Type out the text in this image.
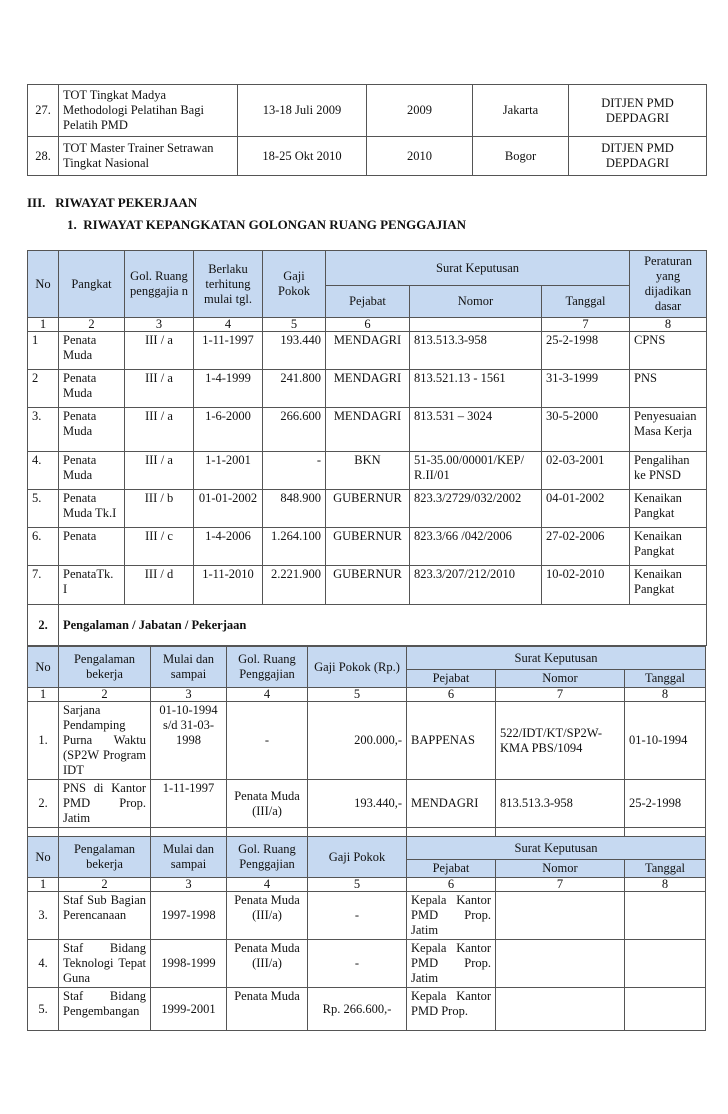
27.	TOT Tingkat Madya Methodologi Pelatihan Bagi Pelatih PMD	13-18 Juli 2009	2009	Jakarta	DITJEN PMD DEPDAGRI
28.	TOT Master Trainer Setrawan Tingkat Nasional	18-25 Okt 2010	2010	Bogor	DITJEN PMD DEPDAGRI
III. RIWAYAT PEKERJAAN
1. RIWAYAT KEPANGKATAN GOLONGAN RUANG PENGGAJIAN
No	Pangkat	Gol. Ruang penggajia n	Berlaku terhitung mulai tgl.	Gaji Pokok	Surat Keputusan			Peraturan yang dijadikan dasar
					Pejabat	Nomor	Tanggal	
1	2	3	4	5	6		7	8
1	Penata Muda	III / a	1-11-1997	193.440	MENDAGRI	813.513.3-958	25-2-1998	CPNS
2	Penata Muda	III / a	1-4-1999	241.800	MENDAGRI	813.521.13 - 1561	31-3-1999	PNS
3.	Penata Muda	III / a	1-6-2000	266.600	MENDAGRI	813.531 – 3024	30-5-2000	Penyesuaian Masa Kerja
4.	Penata Muda	III / a	1-1-2001	-	BKN	51-35.00/00001/KEP/ R.II/01	02-03-2001	Pengalihan ke PNSD
5.	Penata Muda Tk.I	III / b	01-01-2002	848.900	GUBERNUR	823.3/2729/032/2002	04-01-2002	Kenaikan Pangkat
6.	Penata	III / c	1-4-2006	1.264.100	GUBERNUR	823.3/66 /042/2006	27-02-2006	Kenaikan Pangkat
7.	PenataTk. I	III / d	1-11-2010	2.221.900	GUBERNUR	823.3/207/212/2010	10-02-2010	Kenaikan Pangkat
2.	Pengalaman / Jabatan / Pekerjaan							
No	Pengalaman bekerja	Mulai dan sampai	Gol. Ruang Penggajian	Gaji Pokok (Rp.)	Surat Keputusan		
					Pejabat	Nomor	Tanggal
1	2	3	4	5	6	7	8
1.	Sarjana Pendamping Purna Waktu (SP2W Program IDT	01-10-1994 s/d 31-03-1998	-	200.000,-	BAPPENAS	522/IDT/KT/SP2W-KMA PBS/1094	01-10-1994
2.	PNS di Kantor PMD Prop. Jatim	1-11-1997	Penata Muda (III/a)	193.440,-	MENDAGRI	813.513.3-958	25-2-1998

No	Pengalaman bekerja	Mulai dan sampai	Gol. Ruang Penggajian	Gaji Pokok	Surat Keputusan		
					Pejabat	Nomor	Tanggal
1	2	3	4	5	6	7	8
3.	Staf Sub Bagian Perencanaan	1997-1998	Penata Muda (III/a)	-	Kepala Kantor PMD Prop. Jatim		
4.	Staf Bidang Teknologi Tepat Guna	1998-1999	Penata Muda (III/a)	-	Kepala Kantor PMD Prop. Jatim		
5.	Staf Bidang Pengembangan	1999-2001	Penata Muda	Rp. 266.600,-	Kepala Kantor PMD Prop.		
